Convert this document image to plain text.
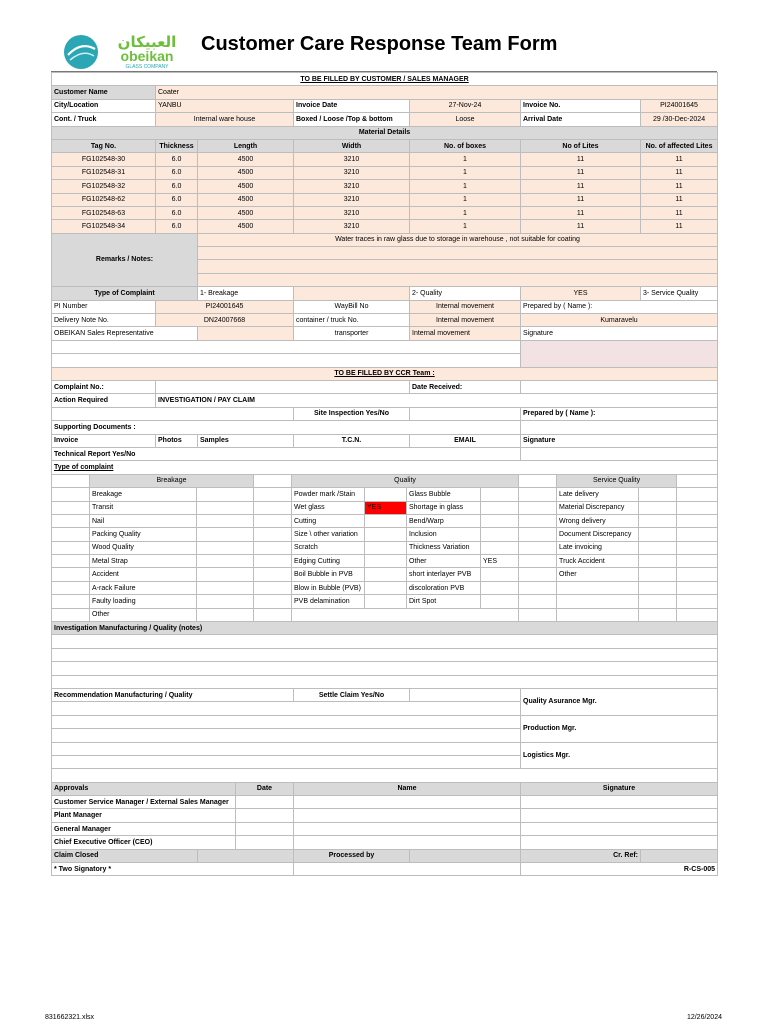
العبيكان
obeikan
GLASS COMPANY
Customer Care Response Team Form
TO BE FILLED BY CUSTOMER / SALES MANAGER						
Customer Name	Coater					
City/Location	YANBU		Invoice Date	27-Nov-24	Invoice No.	PI24001645
Cont. / Truck	Internal ware house		Boxed / Loose /Top & bottom	Loose	Arrival Date	29 /30-Dec-2024
Material Details						
Tag No.	Thickness	Length	Width	No. of boxes	No of Lites	No. of affected Lites
FG102548-30	6.0	4500	3210	1	11	11
FG102548-31	6.0	4500	3210	1	11	11
FG102548-32	6.0	4500	3210	1	11	11
FG102548-62	6.0	4500	3210	1	11	11
FG102548-63	6.0	4500	3210	1	11	11
FG102548-34	6.0	4500	3210	1	11	11
Remarks / Notes:		Water traces in raw glass due to storage in warehouse , not suitable for coating				

Type of Complaint		1- Breakage		2- Quality	YES	3- Service Quality
PI Number	PI24001645		WayBill No	Internal movement	Prepared by ( Name ):	
Delivery Note No.	DN24007668		container / truck No.	Internal movement	Kumaravelu	
OBEIKAN Sales Representative			transporter	Internal movement	Signature	

TO BE FILLED BY CCR Team :						
Complaint No.:				Date Received:		
Action Required	INVESTIGATION / PAY CLAIM					
			Site Inspection Yes/No		Prepared by ( Name ):	
Supporting Documents :						
Invoice	Photos	Samples	T.C.N.	EMAIL	Signature	
Technical Report Yes/No						
Type of complaint						
	Breakage			Quality					Service Quality		
	Breakage			Powder mark /Stain		Glass Bubble			Late delivery		
	Transit			Wet glass	YES	Shortage in glass			Material Discrepancy		
	Nail			Cutting		Bend/Warp			Wrong delivery		
	Packing Quality			Size \ other variation		Inclusion			Document Discrepancy		
	Wood Quality			Scratch		Thickness Variation			Late invoicing		
	Metal Strap			Edging Cutting		Other	YES		Truck Accident		
	Accident			Boil Bubble in PVB		short interlayer PVB			Other		
	A-rack Failure			Blow in Bubble (PVB)		discoloration PVB					
	Faulty loading			PVB delamination		Dirt Spot					
	Other										
Investigation Manufacturing / Quality (notes)			

Recommendation Manufacturing / Quality	Settle Claim Yes/No		Quality Asurance Mgr.

			Production Mgr.

			Logistics Mgr.

Approvals		Date	Name		Signature	
Customer Service Manager / External Sales Manager						
Plant Manager						
General Manager						
Chief Executive Officer (CEO)						
Claim Closed			Processed by		Cr. Ref:	
* Two Signatory *					R-CS-005	
831662321.xlsx	12/26/2024
